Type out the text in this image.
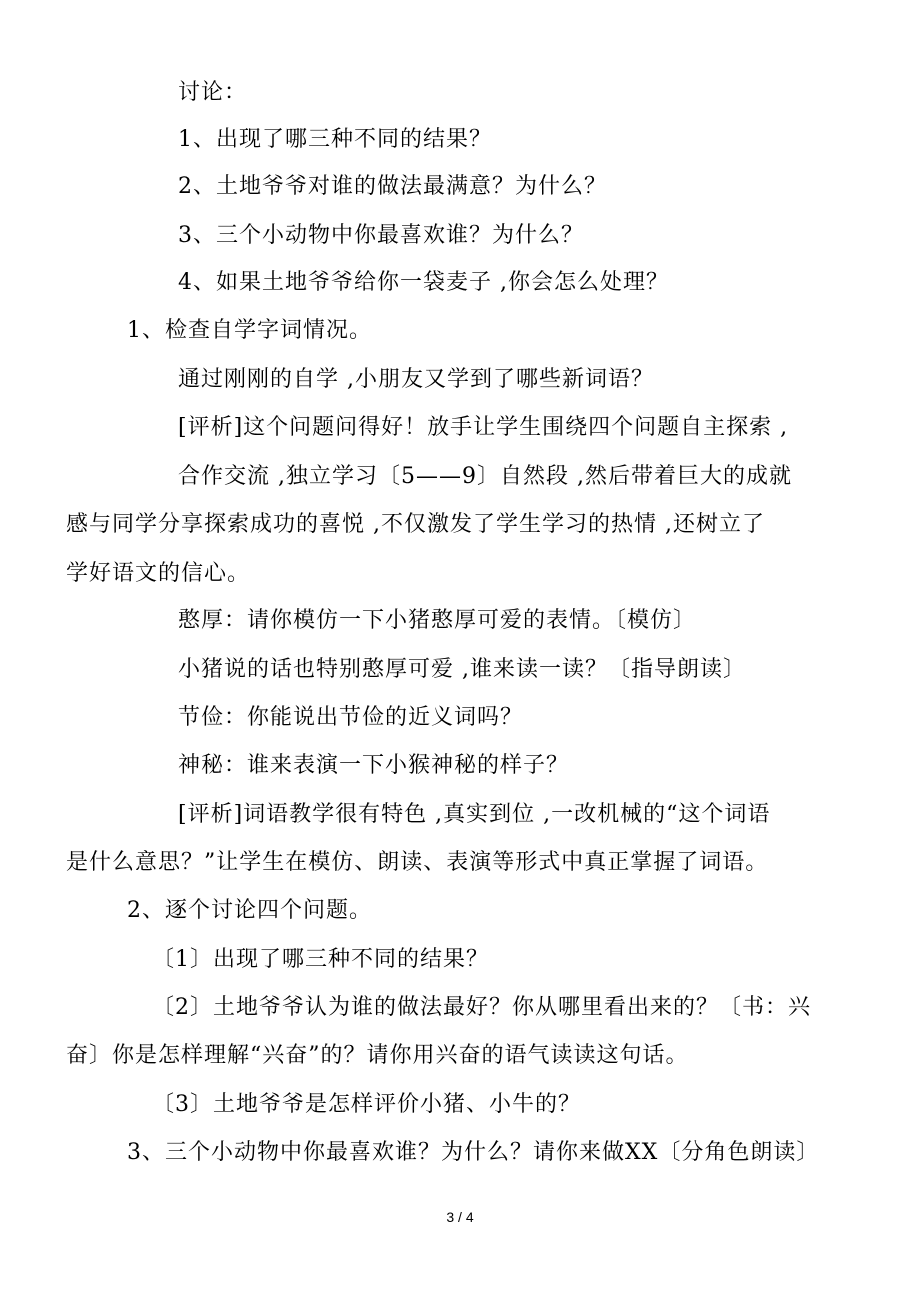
讨论：
1、出现了哪三种不同的结果？
2、土地爷爷对谁的做法最满意？为什么？
3、三个小动物中你最喜欢谁？为什么？
4、如果土地爷爷给你一袋麦子 ,你会怎么处理？
1、检查自学字词情况。
通过刚刚的自学 ,小朋友又学到了哪些新词语？
[评析]这个问题问得好！放手让学生围绕四个问题自主探索 ,
合作交流 ,独立学习〔5——9〕自然段 ,然后带着巨大的成就
感与同学分享探索成功的喜悦 ,不仅激发了学生学习的热情 ,还树立了
学好语文的信心。
憨厚：请你模仿一下小猪憨厚可爱的表情。〔模仿〕
小猪说的话也特别憨厚可爱 ,谁来读一读？〔指导朗读〕
节俭：你能说出节俭的近义词吗？
神秘：谁来表演一下小猴神秘的样子？
[评析]词语教学很有特色 ,真实到位 ,一改机械的“这个词语
是什么意思？”让学生在模仿、朗读、表演等形式中真正掌握了词语。
2、逐个讨论四个问题。
〔1〕出现了哪三种不同的结果？
〔2〕土地爷爷认为谁的做法最好？你从哪里看出来的？〔书：兴
奋〕你是怎样理解“兴奋”的？请你用兴奋的语气读读这句话。
〔3〕土地爷爷是怎样评价小猪、小牛的？
3、三个小动物中你最喜欢谁？为什么？请你来做XX〔分角色朗读〕
3 / 4
